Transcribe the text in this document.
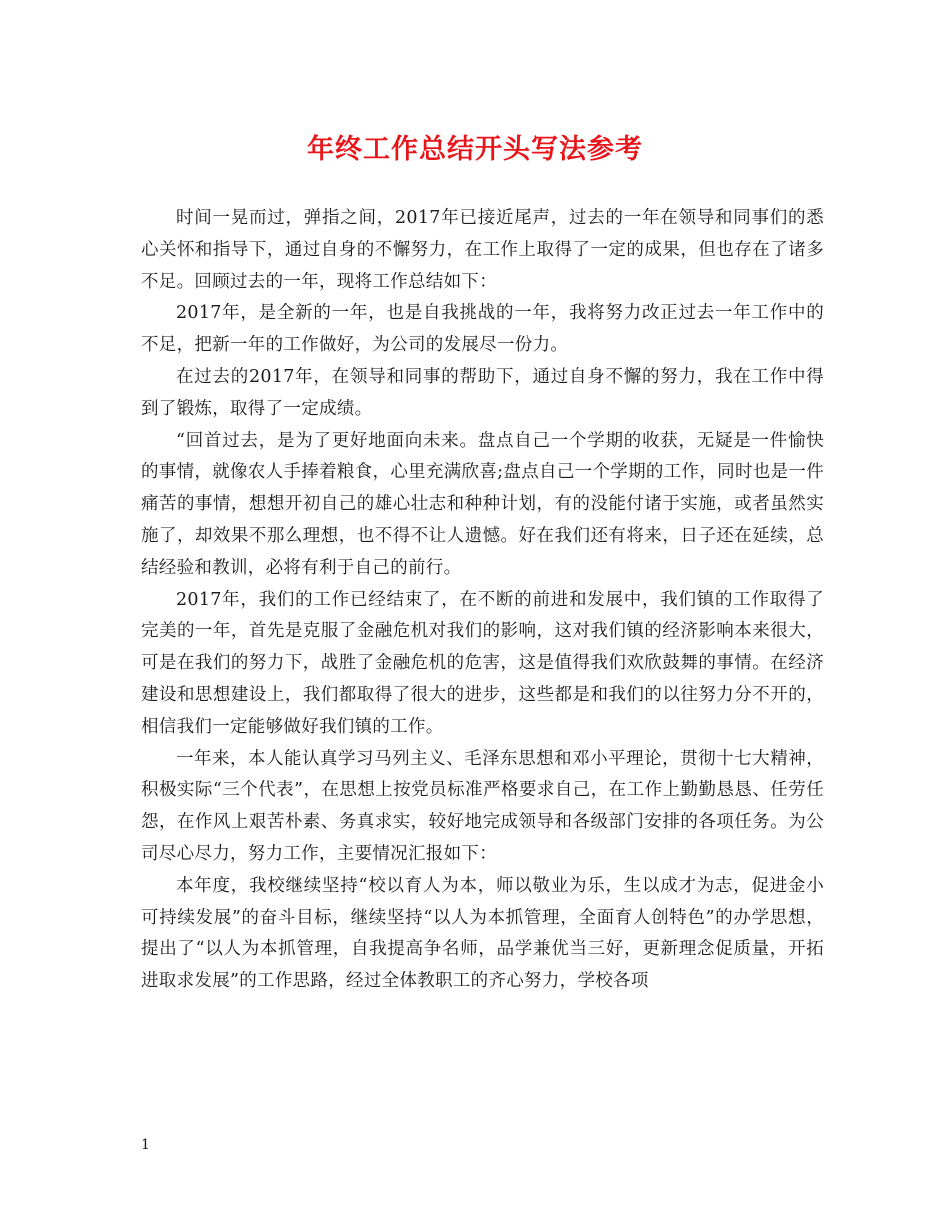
年终工作总结开头写法参考

时间一晃而过，弹指之间，2017年已接近尾声，过去的一年在领导和同事们的悉心关怀和指导下，通过自身的不懈努力，在工作上取得了一定的成果，但也存在了诸多不足。回顾过去的一年，现将工作总结如下：

2017年，是全新的一年，也是自我挑战的一年，我将努力改正过去一年工作中的不足，把新一年的工作做好，为公司的发展尽一份力。

在过去的2017年，在领导和同事的帮助下，通过自身不懈的努力，我在工作中得到了锻炼，取得了一定成绩。

“回首过去，是为了更好地面向未来。盘点自己一个学期的收获，无疑是一件愉快的事情，就像农人手捧着粮食，心里充满欣喜;盘点自己一个学期的工作，同时也是一件痛苦的事情，想想开初自己的雄心壮志和种种计划，有的没能付诸于实施，或者虽然实施了，却效果不那么理想，也不得不让人遗憾。好在我们还有将来，日子还在延续，总结经验和教训，必将有利于自己的前行。

2017年，我们的工作已经结束了，在不断的前进和发展中，我们镇的工作取得了完美的一年，首先是克服了金融危机对我们的影响，这对我们镇的经济影响本来很大，可是在我们的努力下，战胜了金融危机的危害，这是值得我们欢欣鼓舞的事情。在经济建设和思想建设上，我们都取得了很大的进步，这些都是和我们的以往努力分不开的，相信我们一定能够做好我们镇的工作。

一年来，本人能认真学习马列主义、毛泽东思想和邓小平理论，贯彻十七大精神，积极实际“三个代表”，在思想上按党员标准严格要求自己，在工作上勤勤恳恳、任劳任怨，在作风上艰苦朴素、务真求实，较好地完成领导和各级部门安排的各项任务。为公司尽心尽力，努力工作，主要情况汇报如下：

本年度，我校继续坚持“校以育人为本，师以敬业为乐，生以成才为志，促进金小可持续发展”的奋斗目标，继续坚持“以人为本抓管理，全面育人创特色”的办学思想，提出了“以人为本抓管理，自我提高争名师，品学兼优当三好，更新理念促质量，开拓进取求发展”的工作思路，经过全体教职工的齐心努力，学校各项

1
